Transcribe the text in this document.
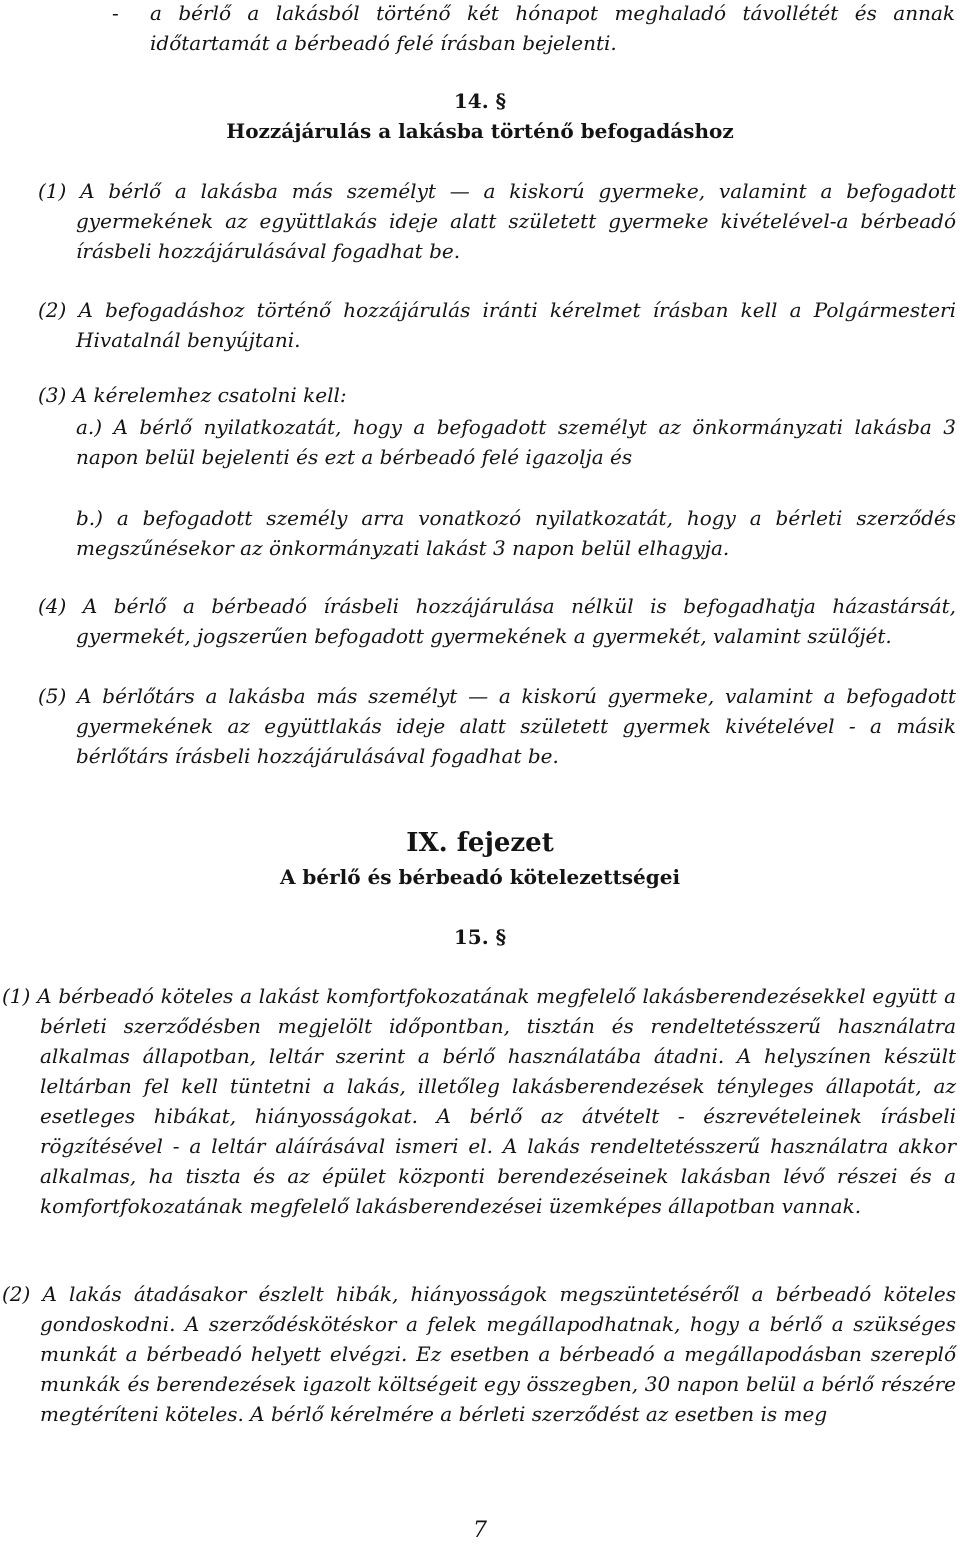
-	a bérlő a lakásból történő két hónapot meghaladó távollétét és annak időtartamát a bérbeadó felé írásban bejelenti.

14. §

Hozzájárulás a lakásba történő befogadáshoz

(1) A bérlő a lakásba más személyt — a kiskorú gyermeke, valamint a befogadott gyermekének az együttlakás ideje alatt született gyermeke kivételével-a bérbeadó írásbeli hozzájárulásával fogadhat be.

(2) A befogadáshoz történő hozzájárulás iránti kérelmet írásban kell a Polgármesteri Hivatalnál benyújtani.

(3) A kérelemhez csatolni kell:

a.) A bérlő nyilatkozatát, hogy a befogadott személyt az önkormányzati lakásba 3 napon belül bejelenti és ezt a bérbeadó felé igazolja és

b.) a befogadott személy arra vonatkozó nyilatkozatát, hogy a bérleti szerződés megszűnésekor az önkormányzati lakást 3 napon belül elhagyja.

(4) A bérlő a bérbeadó írásbeli hozzájárulása nélkül is befogadhatja házastársát, gyermekét, jogszerűen befogadott gyermekének a gyermekét, valamint szülőjét.

(5) A bérlőtárs a lakásba más személyt — a kiskorú gyermeke, valamint a befogadott gyermekének az együttlakás ideje alatt született gyermek kivételével - a másik bérlőtárs írásbeli hozzájárulásával fogadhat be.

IX. fejezet

A bérlő és bérbeadó kötelezettségei

15. §

(1) A bérbeadó köteles a lakást komfortfokozatának megfelelő lakásberendezésekkel együtt a bérleti szerződésben megjelölt időpontban, tisztán és rendeltetésszerű használatra alkalmas állapotban, leltár szerint a bérlő használatába átadni. A helyszínen készült leltárban fel kell tüntetni a lakás, illetőleg lakásberendezések tényleges állapotát, az esetleges hibákat, hiányosságokat. A bérlő az átvételt - észrevételeinek írásbeli rögzítésével - a leltár aláírásával ismeri el. A lakás rendeltetésszerű használatra akkor alkalmas, ha tiszta és az épület központi berendezéseinek lakásban lévő részei és a komfortfokozatának megfelelő lakásberendezései üzemképes állapotban vannak.

(2) A lakás átadásakor észlelt hibák, hiányosságok megszüntetéséről a bérbeadó köteles gondoskodni. A szerződéskötéskor a felek megállapodhatnak, hogy a bérlő a szükséges munkát a bérbeadó helyett elvégzi. Ez esetben a bérbeadó a megállapodásban szereplő munkák és berendezések igazolt költségeit egy összegben, 30 napon belül a bérlő részére megtéríteni köteles. A bérlő kérelmére a bérleti szerződést az esetben is meg

7
